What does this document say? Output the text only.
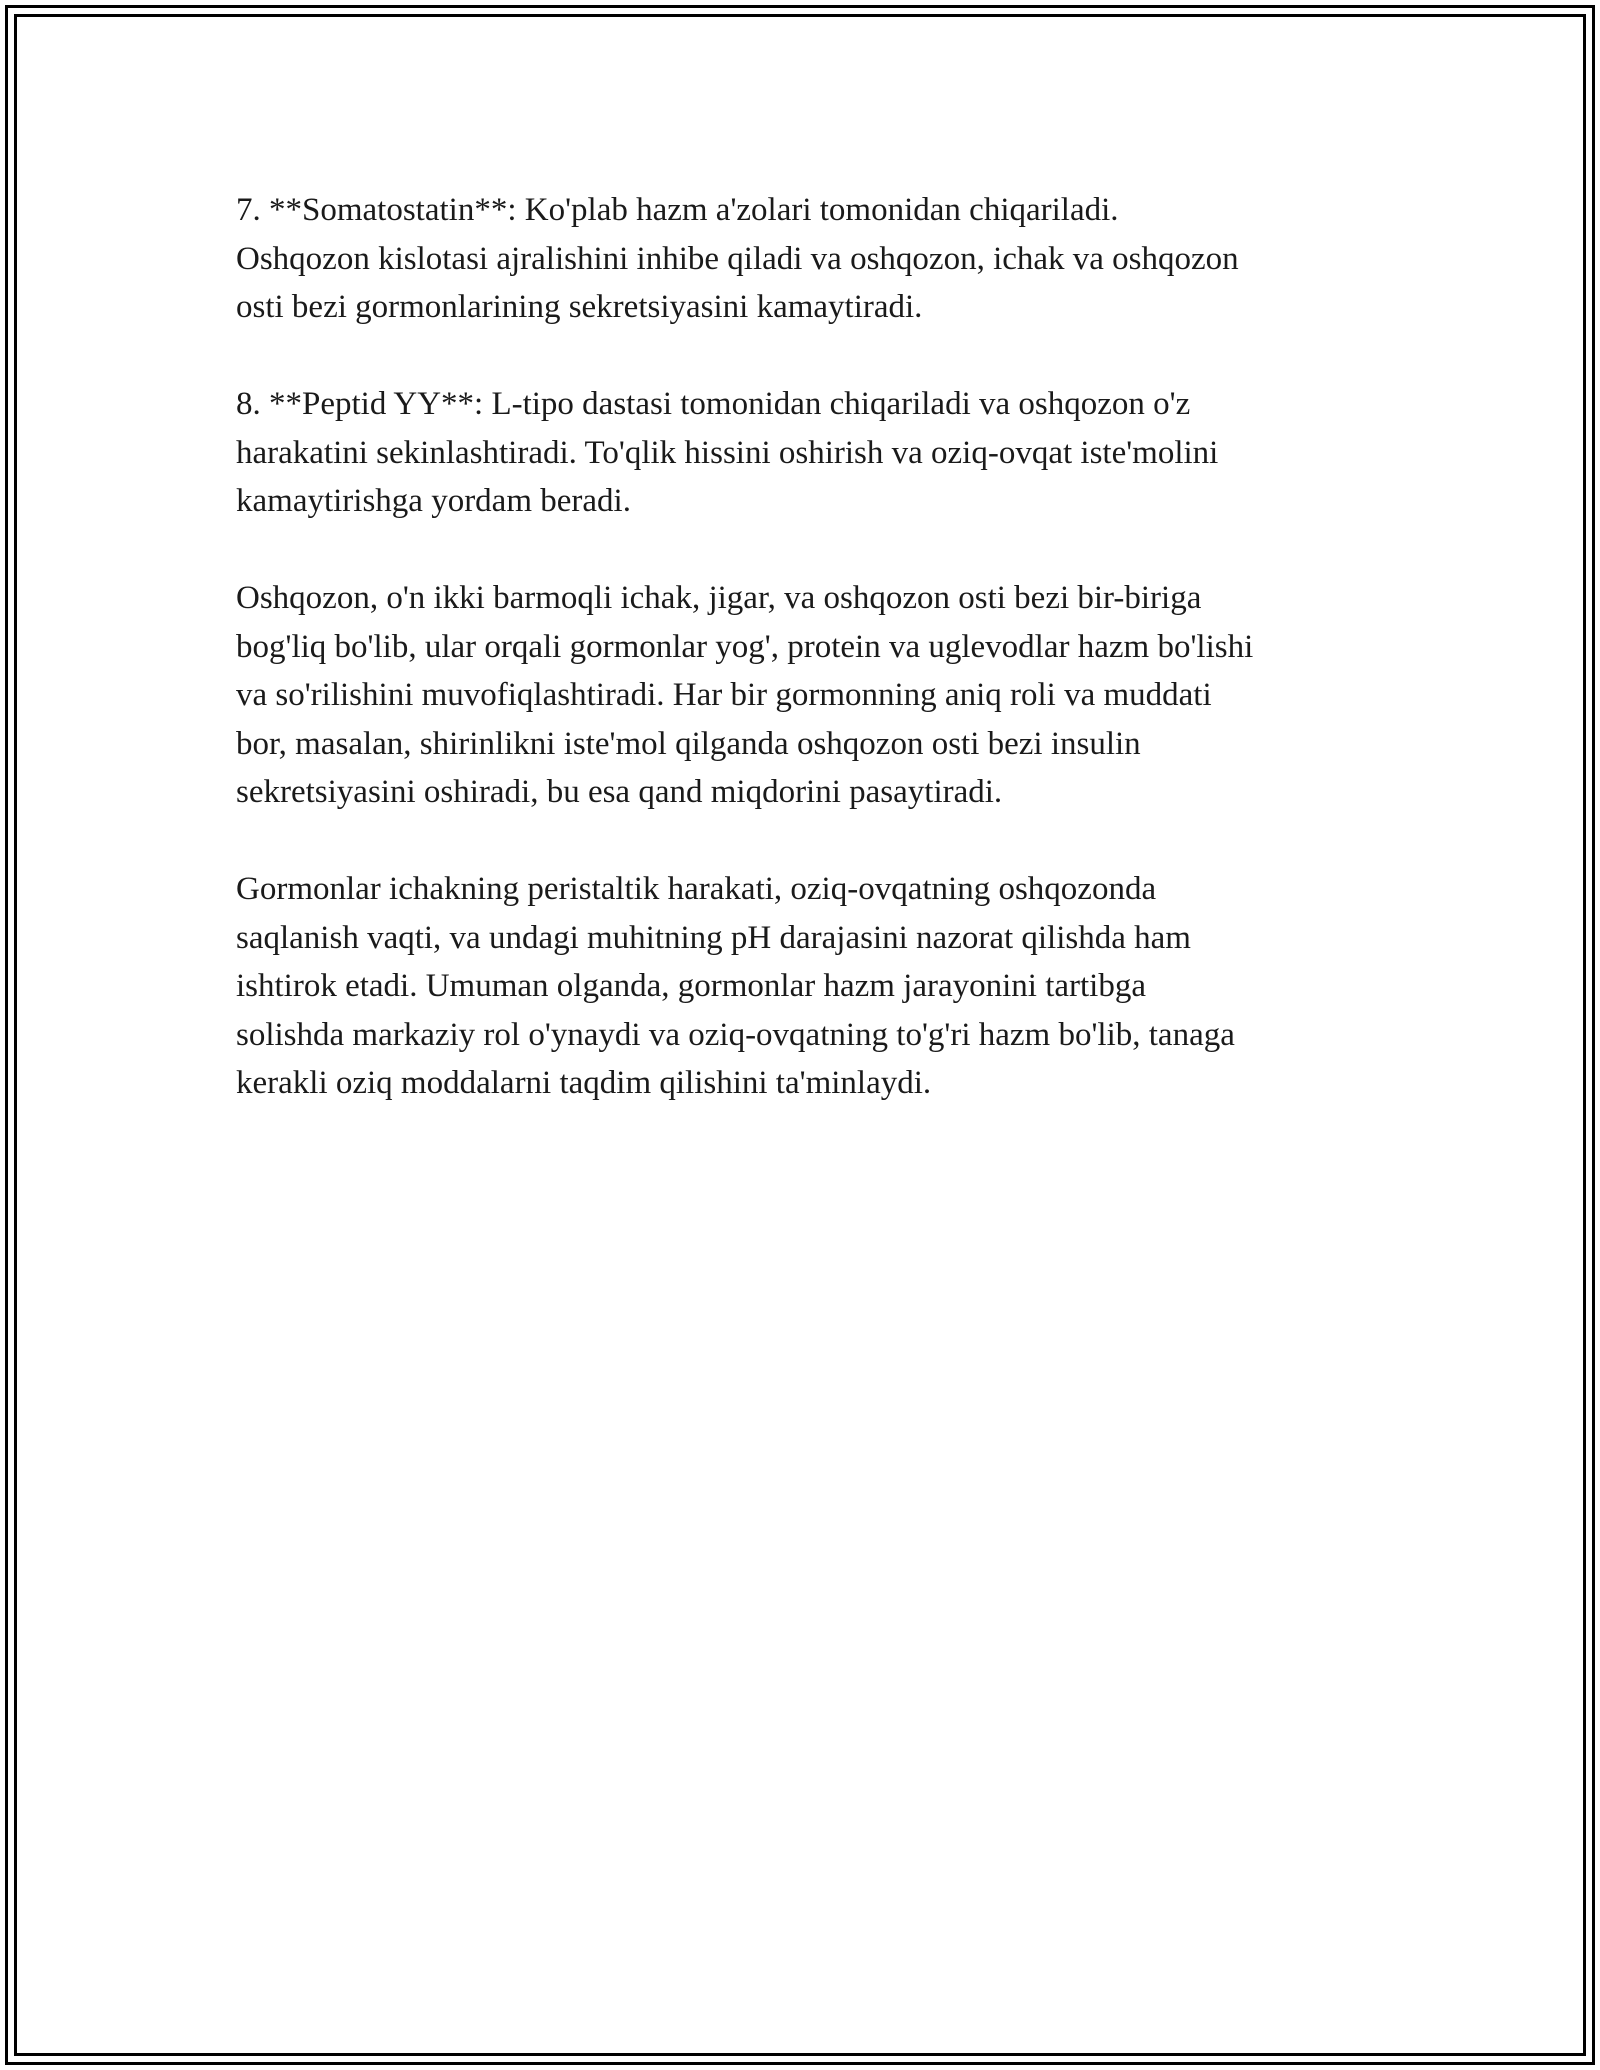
7. **Somatostatin**: Ko'plab hazm a'zolari tomonidan chiqariladi.
Oshqozon kislotasi ajralishini inhibe qiladi va oshqozon, ichak va oshqozon
osti bezi gormonlarining sekretsiyasini kamaytiradi.

8. **Peptid YY**: L-tipo dastasi tomonidan chiqariladi va oshqozon o'z
harakatini sekinlashtiradi. To'qlik hissini oshirish va oziq-ovqat iste'molini
kamaytirishga yordam beradi.

Oshqozon, o'n ikki barmoqli ichak, jigar, va oshqozon osti bezi bir-biriga
bog'liq bo'lib, ular orqali gormonlar yog', protein va uglevodlar hazm bo'lishi
va so'rilishini muvofiqlashtiradi. Har bir gormonning aniq roli va muddati
bor, masalan, shirinlikni iste'mol qilganda oshqozon osti bezi insulin
sekretsiyasini oshiradi, bu esa qand miqdorini pasaytiradi.

Gormonlar ichakning peristaltik harakati, oziq-ovqatning oshqozonda
saqlanish vaqti, va undagi muhitning pH darajasini nazorat qilishda ham
ishtirok etadi. Umuman olganda, gormonlar hazm jarayonini tartibga
solishda markaziy rol o'ynaydi va oziq-ovqatning to'g'ri hazm bo'lib, tanaga
kerakli oziq moddalarni taqdim qilishini ta'minlaydi.
